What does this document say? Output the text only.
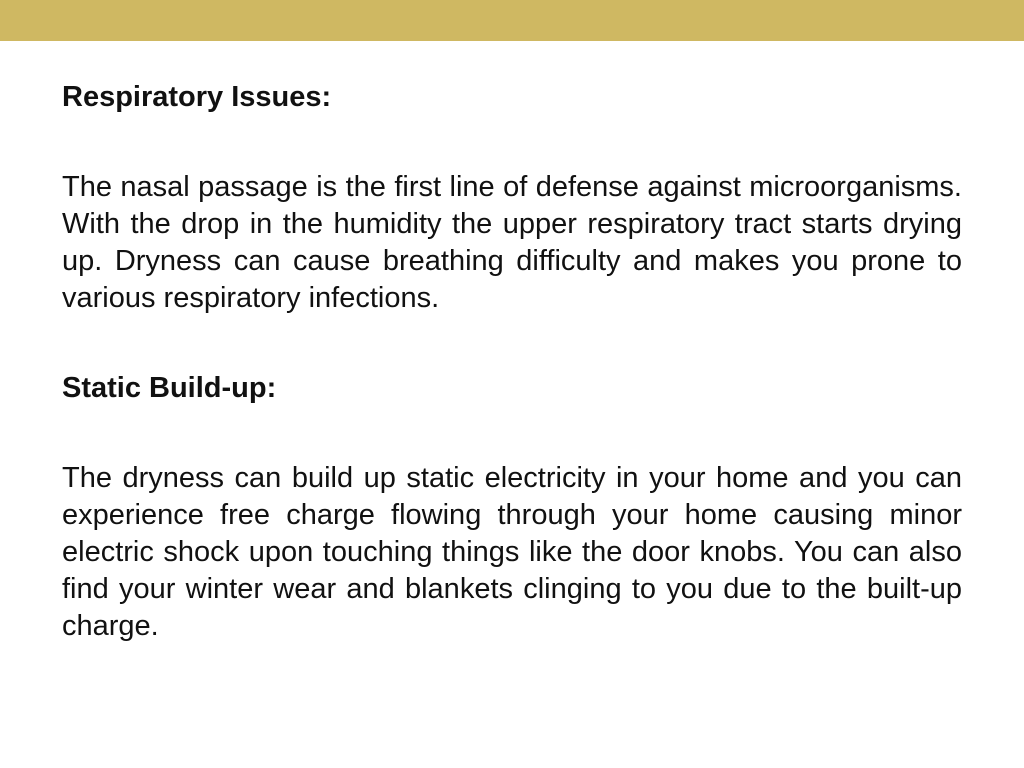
Respiratory Issues:

The nasal passage is the first line of defense against microorganisms. With the drop in the humidity the upper respiratory tract starts drying up. Dryness can cause breathing difficulty and makes you prone to various respiratory infections.

Static Build-up:

The dryness can build up static electricity in your home and you can experience free charge flowing through your home causing minor electric shock upon touching things like the door knobs. You can also find your winter wear and blankets clinging to you due to the built-up charge.
